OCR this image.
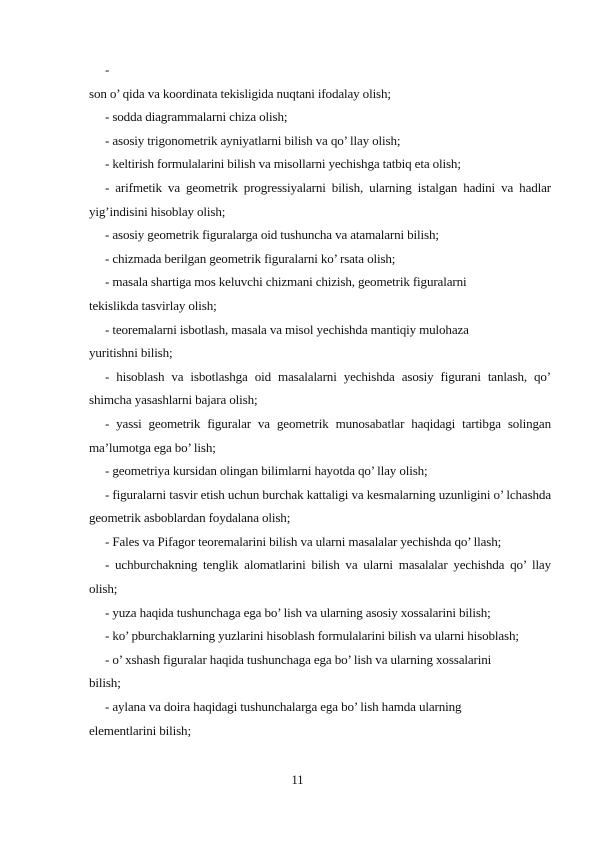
-
son o’ qida va koordinata tekisligida nuqtani ifodalay olish;

- sodda diagrammalarni chiza olish;

- asosiy trigonometrik ayniyatlarni bilish va qo’ llay olish;

- keltirish formulalarini bilish va misollarni yechishga tatbiq eta olish;

- arifmetik va geometrik progressiyalarni bilish, ularning istalgan hadini va hadlar yig’indisini hisoblay olish;

- asosiy geometrik figuralarga oid tushuncha va atamalarni bilish;

- chizmada berilgan geometrik figuralarni ko’ rsata olish;

- masala shartiga mos keluvchi chizmani chizish, geometrik figuralarni
tekislikda tasvirlay olish;

- teoremalarni isbotlash, masala va misol yechishda mantiqiy mulohaza
yuritishni bilish;

- hisoblash va isbotlashga oid masalalarni yechishda asosiy figurani tanlash, qo’ shimcha yasashlarni bajara olish;

- yassi geometrik figuralar va geometrik munosabatlar haqidagi tartibga solingan ma’lumotga ega bo’ lish;

- geometriya kursidan olingan bilimlarni hayotda qo’ llay olish;

- figuralarni tasvir etish uchun burchak kattaligi va kesmalarning uzunligini o’ lchashda geometrik asboblardan foydalana olish;

- Fales va Pifagor teoremalarini bilish va ularni masalalar yechishda qo’ llash;

- uchburchakning tenglik alomatlarini bilish va ularni masalalar yechishda qo’ llay olish;

- yuza haqida tushunchaga ega bo’ lish va ularning asosiy xossalarini bilish;

- ko’ pburchaklarning yuzlarini hisoblash formulalarini bilish va ularni hisoblash;

- o’ xshash figuralar haqida tushunchaga ega bo’ lish va ularning xossalarini
bilish;

- aylana va doira haqidagi tushunchalarga ega bo’ lish hamda ularning
elementlarini bilish;

11
